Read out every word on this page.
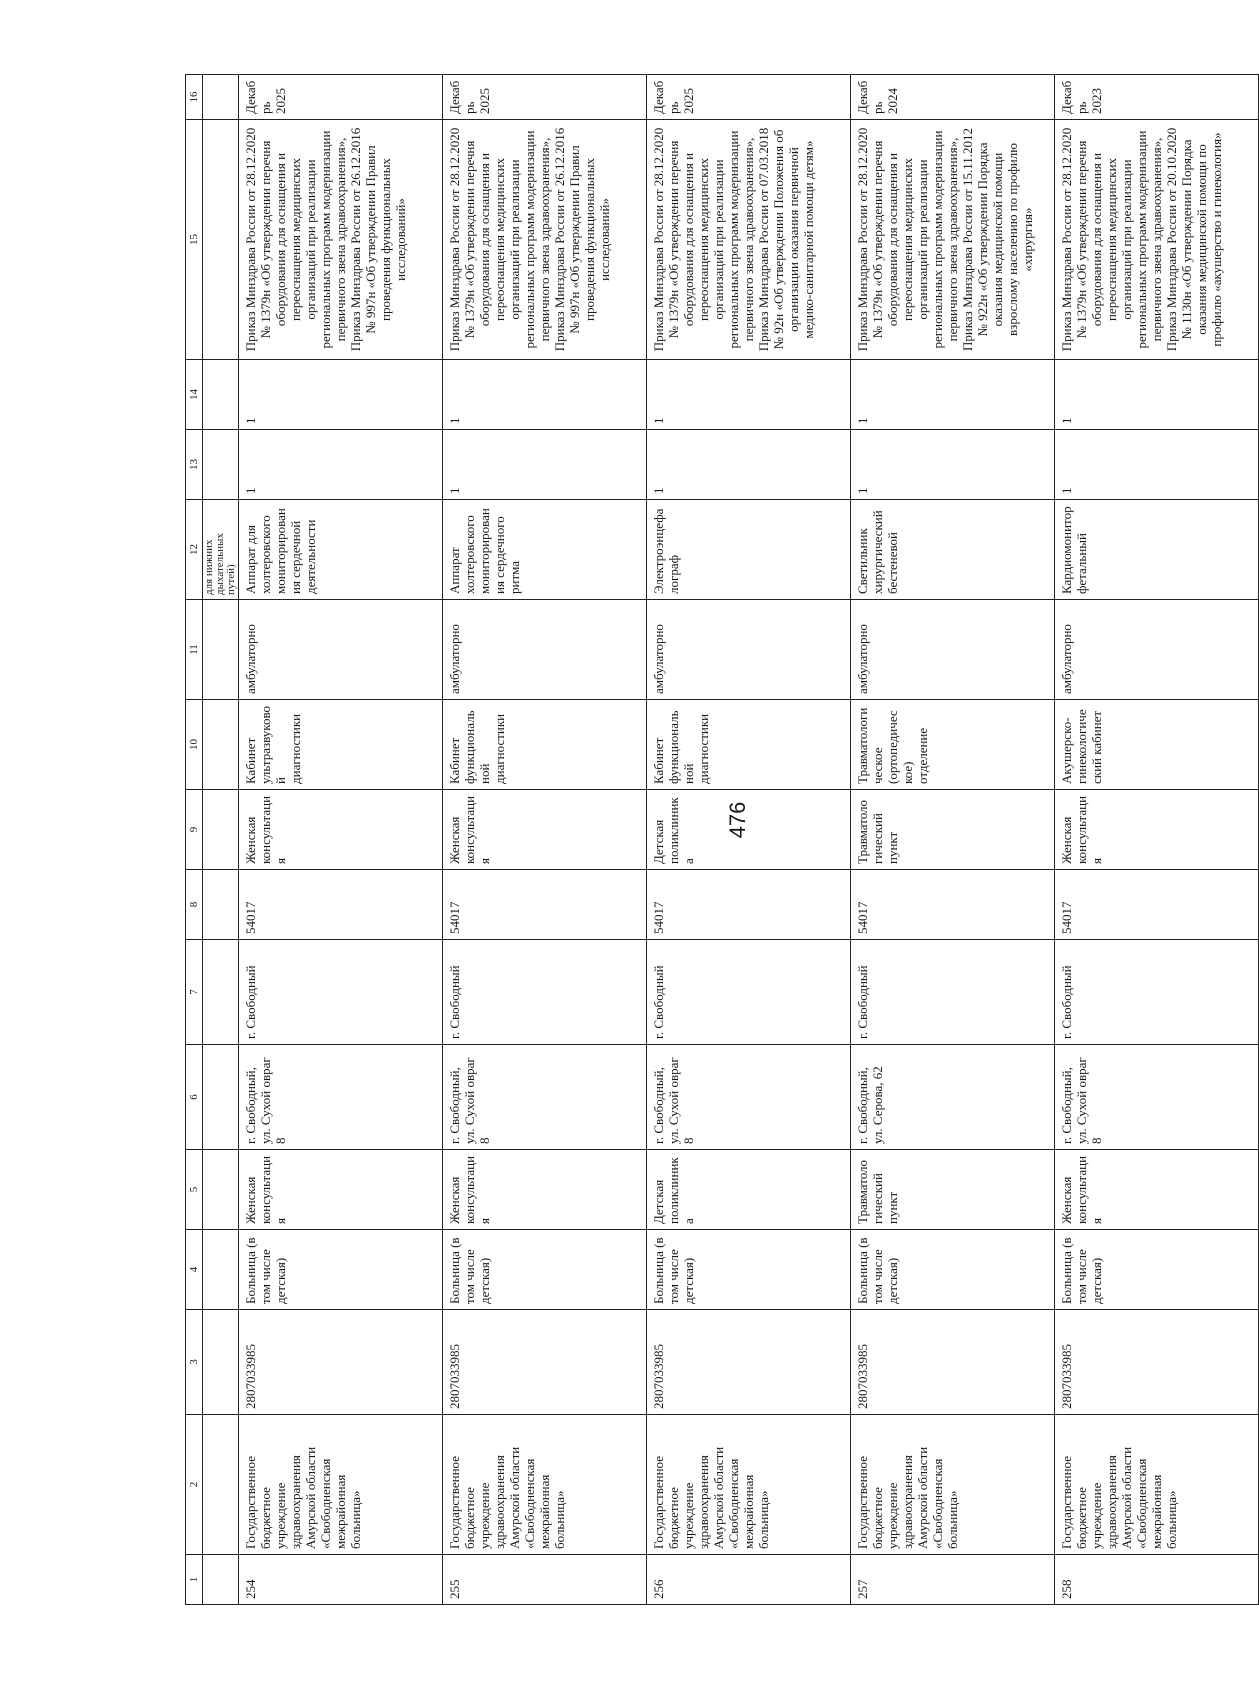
476
1	2	3	4	5	6	7	8	9	10	11	12	13	14	15	16
											для нижних дыхательных путей)				
254	Государственное бюджетное учреждение здравоохранения Амурской области «Свободненская межрайонная больница»	2807033985	Больница (в том числе детская)	Женская консультация	г. Свободный, ул. Сухой овраг 8	г. Свободный	54017	Женская консультация	Кабинет ультразвуковой диагностики	амбулаторно	Аппарат для холтеровского мониторирования сердечной деятельности	1	1	Приказ Минздрава России от 28.12.2020 № 1379н «Об утверждении перечня оборудования для оснащения и переоснащения медицинских организаций при реализации региональных программ модернизации первичного звена здравоохранения», Приказ Минздрава России от 26.12.2016 № 997н «Об утверждении Правил проведения функциональных исследований»	Декабрь 2025
255	Государственное бюджетное учреждение здравоохранения Амурской области «Свободненская межрайонная больница»	2807033985	Больница (в том числе детская)	Женская консультация	г. Свободный, ул. Сухой овраг 8	г. Свободный	54017	Женская консультация	Кабинет функциональной диагностики	амбулаторно	Аппарат холтеровского мониторирования сердечного ритма	1	1	Приказ Минздрава России от 28.12.2020 № 1379н «Об утверждении перечня оборудования для оснащения и переоснащения медицинских организаций при реализации региональных программ модернизации первичного звена здравоохранения», Приказ Минздрава России от 26.12.2016 № 997н «Об утверждении Правил проведения функциональных исследований»	Декабрь 2025
256	Государственное бюджетное учреждение здравоохранения Амурской области «Свободненская межрайонная больница»	2807033985	Больница (в том числе детская)	Детская поликлиника	г. Свободный, ул. Сухой овраг 8	г. Свободный	54017	Детская поликлиника	Кабинет функциональной диагностики	амбулаторно	Электроэнцефалограф	1	1	Приказ Минздрава России от 28.12.2020 № 1379н «Об утверждении перечня оборудования для оснащения и переоснащения медицинских организаций при реализации региональных программ модернизации первичного звена здравоохранения», Приказ Минздрава России от 07.03.2018 № 92н «Об утверждении Положения об организации оказания первичной медико-санитарной помощи детям»	Декабрь 2025
257	Государственное бюджетное учреждение здравоохранения Амурской области «Свободненская больница»	2807033985	Больница (в том числе детская)	Травматологический пункт	г. Свободный, ул. Серова, 62	г. Свободный	54017	Травматологический пункт	Травматологическое (ортопедическое) отделение	амбулаторно	Светильник хирургический бестеневой	1	1	Приказ Минздрава России от 28.12.2020 № 1379н «Об утверждении перечня оборудования для оснащения и переоснащения медицинских организаций при реализации региональных программ модернизации первичного звена здравоохранения», Приказ Минздрава России от 15.11.2012 № 922н «Об утверждении Порядка оказания медицинской помощи взрослому населению по профилю «хирургия»	Декабрь 2024
258	Государственное бюджетное учреждение здравоохранения Амурской области «Свободненская межрайонная больница»	2807033985	Больница (в том числе детская)	Женская консультация	г. Свободный, ул. Сухой овраг 8	г. Свободный	54017	Женская консультация	Акушерско-гинекологический кабинет	амбулаторно	Кардиомонитор фетальный	1	1	Приказ Минздрава России от 28.12.2020 № 1379н «Об утверждении перечня оборудования для оснащения и переоснащения медицинских организаций при реализации региональных программ модернизации первичного звена здравоохранения», Приказ Минздрава России от 20.10.2020 № 1130н «Об утверждении Порядка оказания медицинской помощи по профилю «акушерство и гинекология»	Декабрь 2023
